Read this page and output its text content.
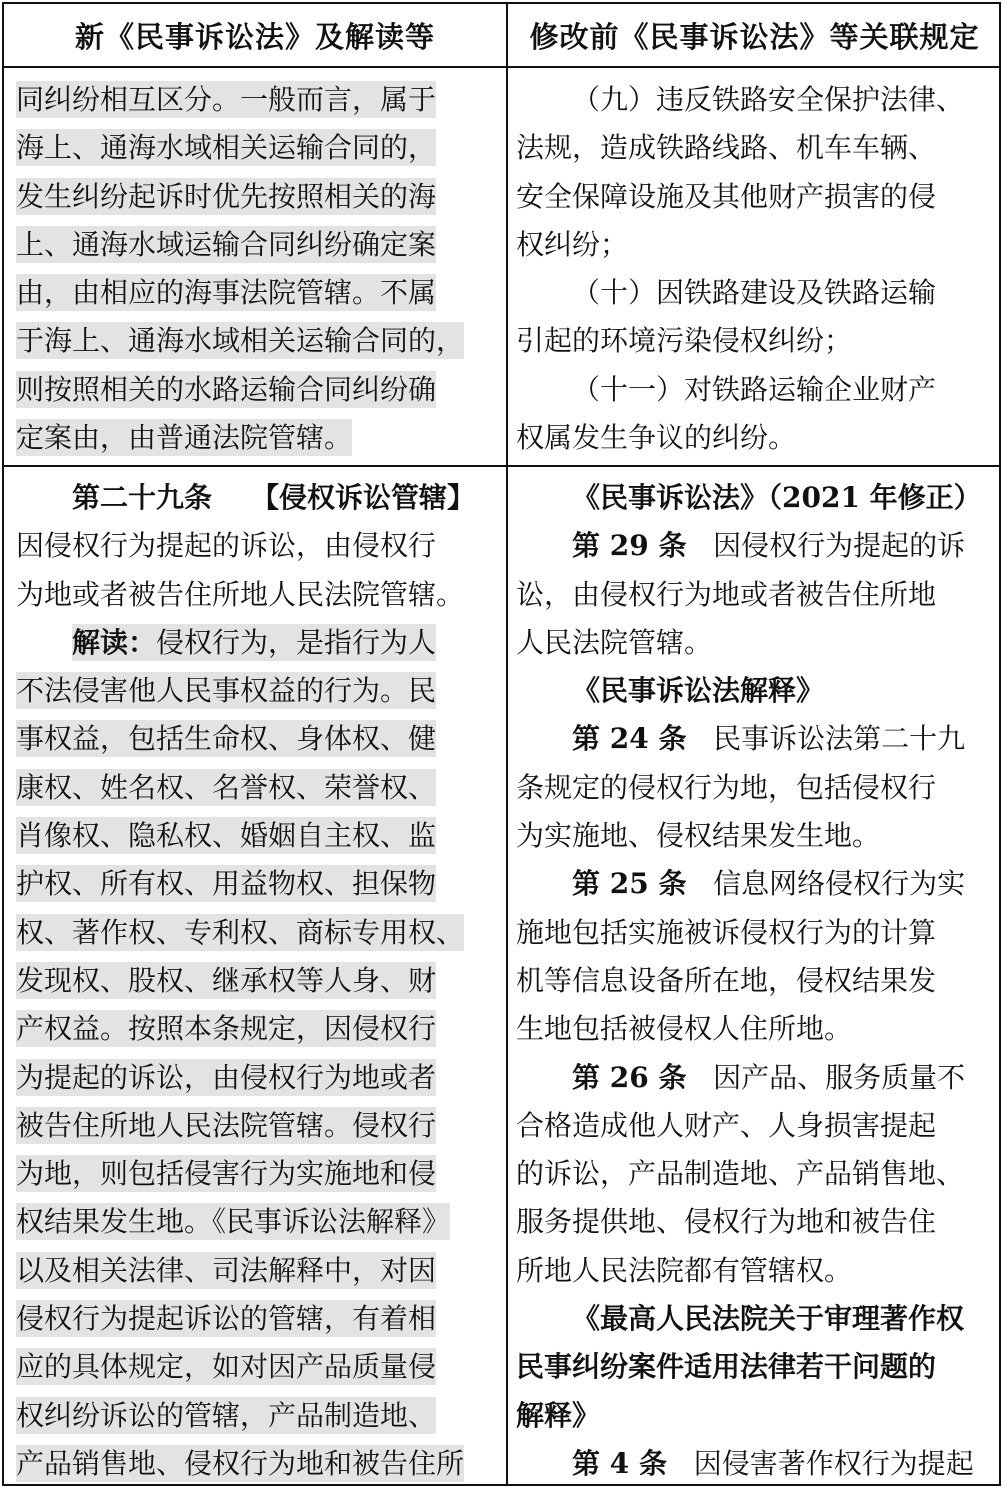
新《民事诉讼法》及解读等	修改前《民事诉讼法》等关联规定
同纠纷相互区分。一般而言，属于
海上、通海水域相关运输合同的，
发生纠纷起诉时优先按照相关的海
上、通海水域运输合同纠纷确定案
由，由相应的海事法院管辖。不属
于海上、通海水域相关运输合同的，
则按照相关的水路运输合同纠纷确
定案由，由普通法院管辖。
（九）违反铁路安全保护法律、
法规，造成铁路线路、机车车辆、
安全保障设施及其他财产损害的侵
权纠纷；
（十）因铁路建设及铁路运输
引起的环境污染侵权纠纷；
（十一）对铁路运输企业财产
权属发生争议的纠纷。
第二十九条 【侵权诉讼管辖】
因侵权行为提起的诉讼，由侵权行
为地或者被告住所地人民法院管辖。
解读：侵权行为，是指行为人
不法侵害他人民事权益的行为。民
事权益，包括生命权、身体权、健
康权、姓名权、名誉权、荣誉权、
肖像权、隐私权、婚姻自主权、监
护权、所有权、用益物权、担保物
权、著作权、专利权、商标专用权、
发现权、股权、继承权等人身、财
产权益。按照本条规定，因侵权行
为提起的诉讼，由侵权行为地或者
被告住所地人民法院管辖。侵权行
为地，则包括侵害行为实施地和侵
权结果发生地。《民事诉讼法解释》
以及相关法律、司法解释中，对因
侵权行为提起诉讼的管辖，有着相
应的具体规定，如对因产品质量侵
权纠纷诉讼的管辖，产品制造地、
产品销售地、侵权行为地和被告住所
《民事诉讼法》（2021 年修正）
第 29 条 因侵权行为提起的诉
讼，由侵权行为地或者被告住所地
人民法院管辖。
《民事诉讼法解释》
第 24 条 民事诉讼法第二十九
条规定的侵权行为地，包括侵权行
为实施地、侵权结果发生地。
第 25 条 信息网络侵权行为实
施地包括实施被诉侵权行为的计算
机等信息设备所在地，侵权结果发
生地包括被侵权人住所地。
第 26 条 因产品、服务质量不
合格造成他人财产、人身损害提起
的诉讼，产品制造地、产品销售地、
服务提供地、侵权行为地和被告住
所地人民法院都有管辖权。
《最高人民法院关于审理著作权
民事纠纷案件适用法律若干问题的
解释》
第 4 条 因侵害著作权行为提起
